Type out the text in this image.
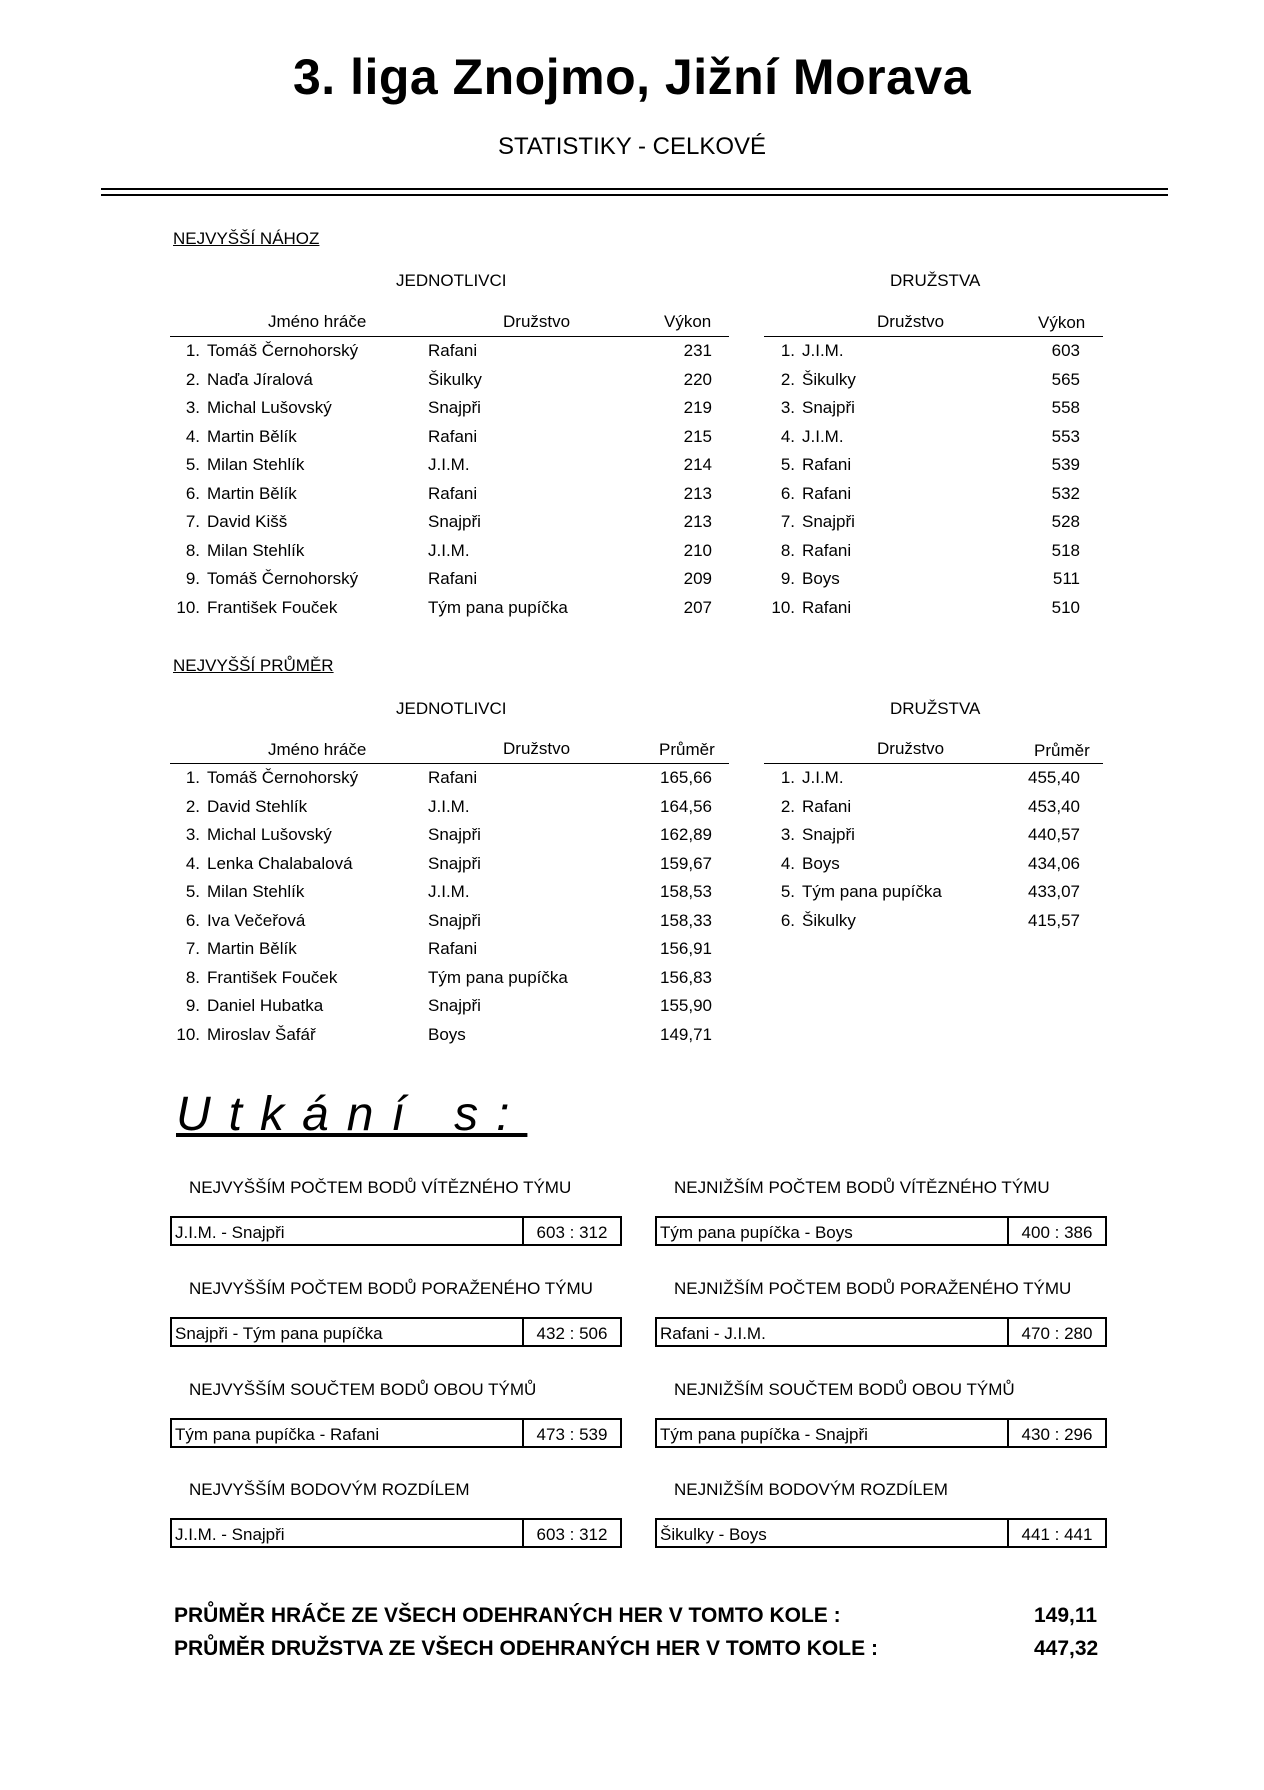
3. liga Znojmo, Jižní Morava
STATISTIKY - CELKOVÉ
NEJVYŠŠÍ NÁHOZ
JEDNOTLIVCI	DRUŽSTVA
Jméno hráče	Družstvo	Výkon	Družstvo	Výkon
1. Tomáš Černohorský	Rafani	231
2. Naďa Jíralová	Šikulky	220
3. Michal Lušovský	Snajpři	219
4. Martin Bělík	Rafani	215
5. Milan Stehlík	J.I.M.	214
6. Martin Bělík	Rafani	213
7. David Kišš	Snajpři	213
8. Milan Stehlík	J.I.M.	210
9. Tomáš Černohorský	Rafani	209
10. František Fouček	Tým pana pupíčka	207
1. J.I.M.	603
2. Šikulky	565
3. Snajpři	558
4. J.I.M.	553
5. Rafani	539
6. Rafani	532
7. Snajpři	528
8. Rafani	518
9. Boys	511
10. Rafani	510
NEJVYŠŠÍ PRŮMĚR
JEDNOTLIVCI	DRUŽSTVA
Jméno hráče	Družstvo	Průměr	Družstvo	Průměr
1. Tomáš Černohorský	Rafani	165,66
2. David Stehlík	J.I.M.	164,56
3. Michal Lušovský	Snajpři	162,89
4. Lenka Chalabalová	Snajpři	159,67
5. Milan Stehlík	J.I.M.	158,53
6. Iva Večeřová	Snajpři	158,33
7. Martin Bělík	Rafani	156,91
8. František Fouček	Tým pana pupíčka	156,83
9. Daniel Hubatka	Snajpři	155,90
10. Miroslav Šafář	Boys	149,71
1. J.I.M.	455,40
2. Rafani	453,40
3. Snajpři	440,57
4. Boys	434,06
5. Tým pana pupíčka	433,07
6. Šikulky	415,57
Utkání s:
NEJVYŠŠÍM POČTEM BODŮ VÍTĚZNÉHO TÝMU
J.I.M. - Snajpři	603 : 312
NEJNIŽŠÍM POČTEM BODŮ VÍTĚZNÉHO TÝMU
Tým pana pupíčka - Boys	400 : 386
NEJVYŠŠÍM POČTEM BODŮ PORAŽENÉHO TÝMU
Snajpři - Tým pana pupíčka	432 : 506
NEJNIŽŠÍM POČTEM BODŮ PORAŽENÉHO TÝMU
Rafani - J.I.M.	470 : 280
NEJVYŠŠÍM SOUČTEM BODŮ OBOU TÝMŮ
Tým pana pupíčka - Rafani	473 : 539
NEJNIŽŠÍM SOUČTEM BODŮ OBOU TÝMŮ
Tým pana pupíčka - Snajpři	430 : 296
NEJVYŠŠÍM BODOVÝM ROZDÍLEM
J.I.M. - Snajpři	603 : 312
NEJNIŽŠÍM BODOVÝM ROZDÍLEM
Šikulky - Boys	441 : 441
PRŮMĚR HRÁČE ZE VŠECH ODEHRANÝCH HER V TOMTO KOLE :	149,11
PRŮMĚR DRUŽSTVA ZE VŠECH ODEHRANÝCH HER V TOMTO KOLE :	447,32
